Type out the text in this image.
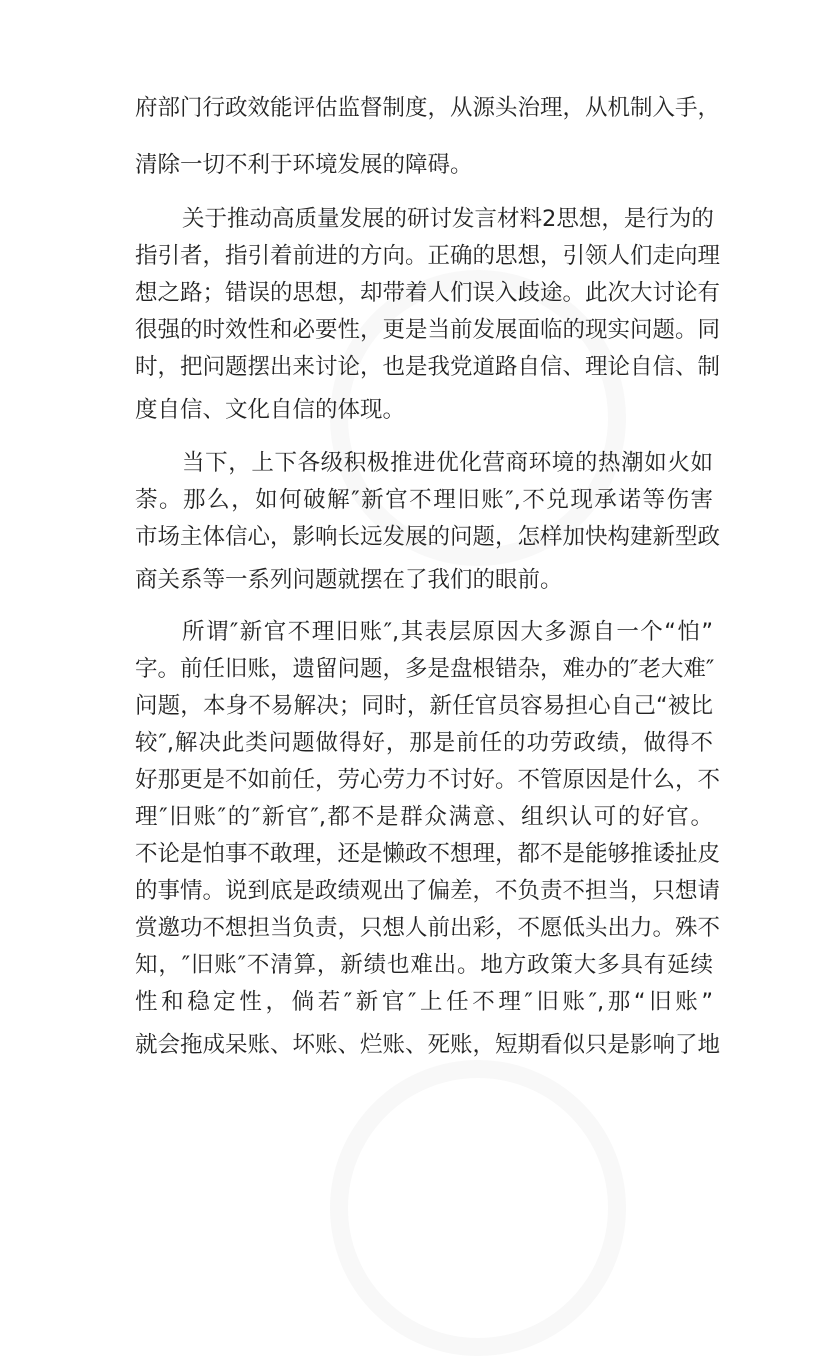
府部门行政效能评估监督制度，从源头治理，从机制入手，
清除一切不利于环境发展的障碍。
关于推动高质量发展的研讨发言材料2思想，是行为的
指引者，指引着前进的方向。正确的思想，引领人们走向理
想之路；错误的思想，却带着人们误入歧途。此次大讨论有
很强的时效性和必要性，更是当前发展面临的现实问题。同
时，把问题摆出来讨论，也是我党道路自信、理论自信、制
度自信、文化自信的体现。
当下，上下各级积极推进优化营商环境的热潮如火如
荼。那么，如何破解″新官不理旧账″,不兑现承诺等伤害
市场主体信心，影响长远发展的问题，怎样加快构建新型政
商关系等一系列问题就摆在了我们的眼前。
所谓″新官不理旧账″,其表层原因大多源自一个“怕”
字。前任旧账，遗留问题，多是盘根错杂，难办的″老大难″
问题，本身不易解决；同时，新任官员容易担心自己“被比
较″,解决此类问题做得好，那是前任的功劳政绩，做得不
好那更是不如前任，劳心劳力不讨好。不管原因是什么，不
理″旧账″的″新官″,都不是群众满意、组织认可的好官。
不论是怕事不敢理，还是懒政不想理，都不是能够推诿扯皮
的事情。说到底是政绩观出了偏差，不负责不担当，只想请
赏邀功不想担当负责，只想人前出彩，不愿低头出力。殊不
知，″旧账″不清算，新绩也难出。地方政策大多具有延续
性和稳定性，倘若″新官″上任不理″旧账″,那“旧账”
就会拖成呆账、坏账、烂账、死账，短期看似只是影响了地
